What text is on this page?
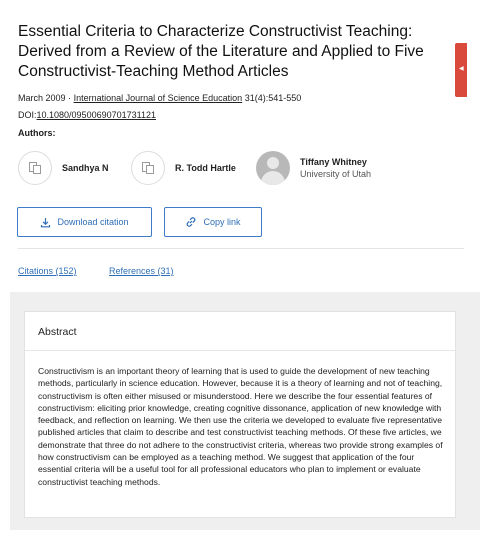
Essential Criteria to Characterize Constructivist Teaching: Derived from a Review of the Literature and Applied to Five Constructivist-Teaching Method Articles	◀
March 2009 · International Journal of Science Education 31(4):541-550
DOI:10.1080/09500690701731121
Authors:
Sandhya N	R. Todd Hartle
Tiffany Whitney
University of Utah
Download citation	Copy link
Citations (152)	References (31)
Abstract
Constructivism is an important theory of learning that is used to guide the development of new teaching methods, particularly in science education. However, because it is a theory of learning and not of teaching, constructivism is often either misused or misunderstood. Here we describe the four essential features of constructivism: eliciting prior knowledge, creating cognitive dissonance, application of new knowledge with feedback, and reflection on learning. We then use the criteria we developed to evaluate five representative published articles that claim to describe and test constructivist teaching methods. Of these five articles, we demonstrate that three do not adhere to the constructivist criteria, whereas two provide strong examples of how constructivism can be employed as a teaching method. We suggest that application of the four essential criteria will be a useful tool for all professional educators who plan to implement or evaluate constructivist teaching methods.
